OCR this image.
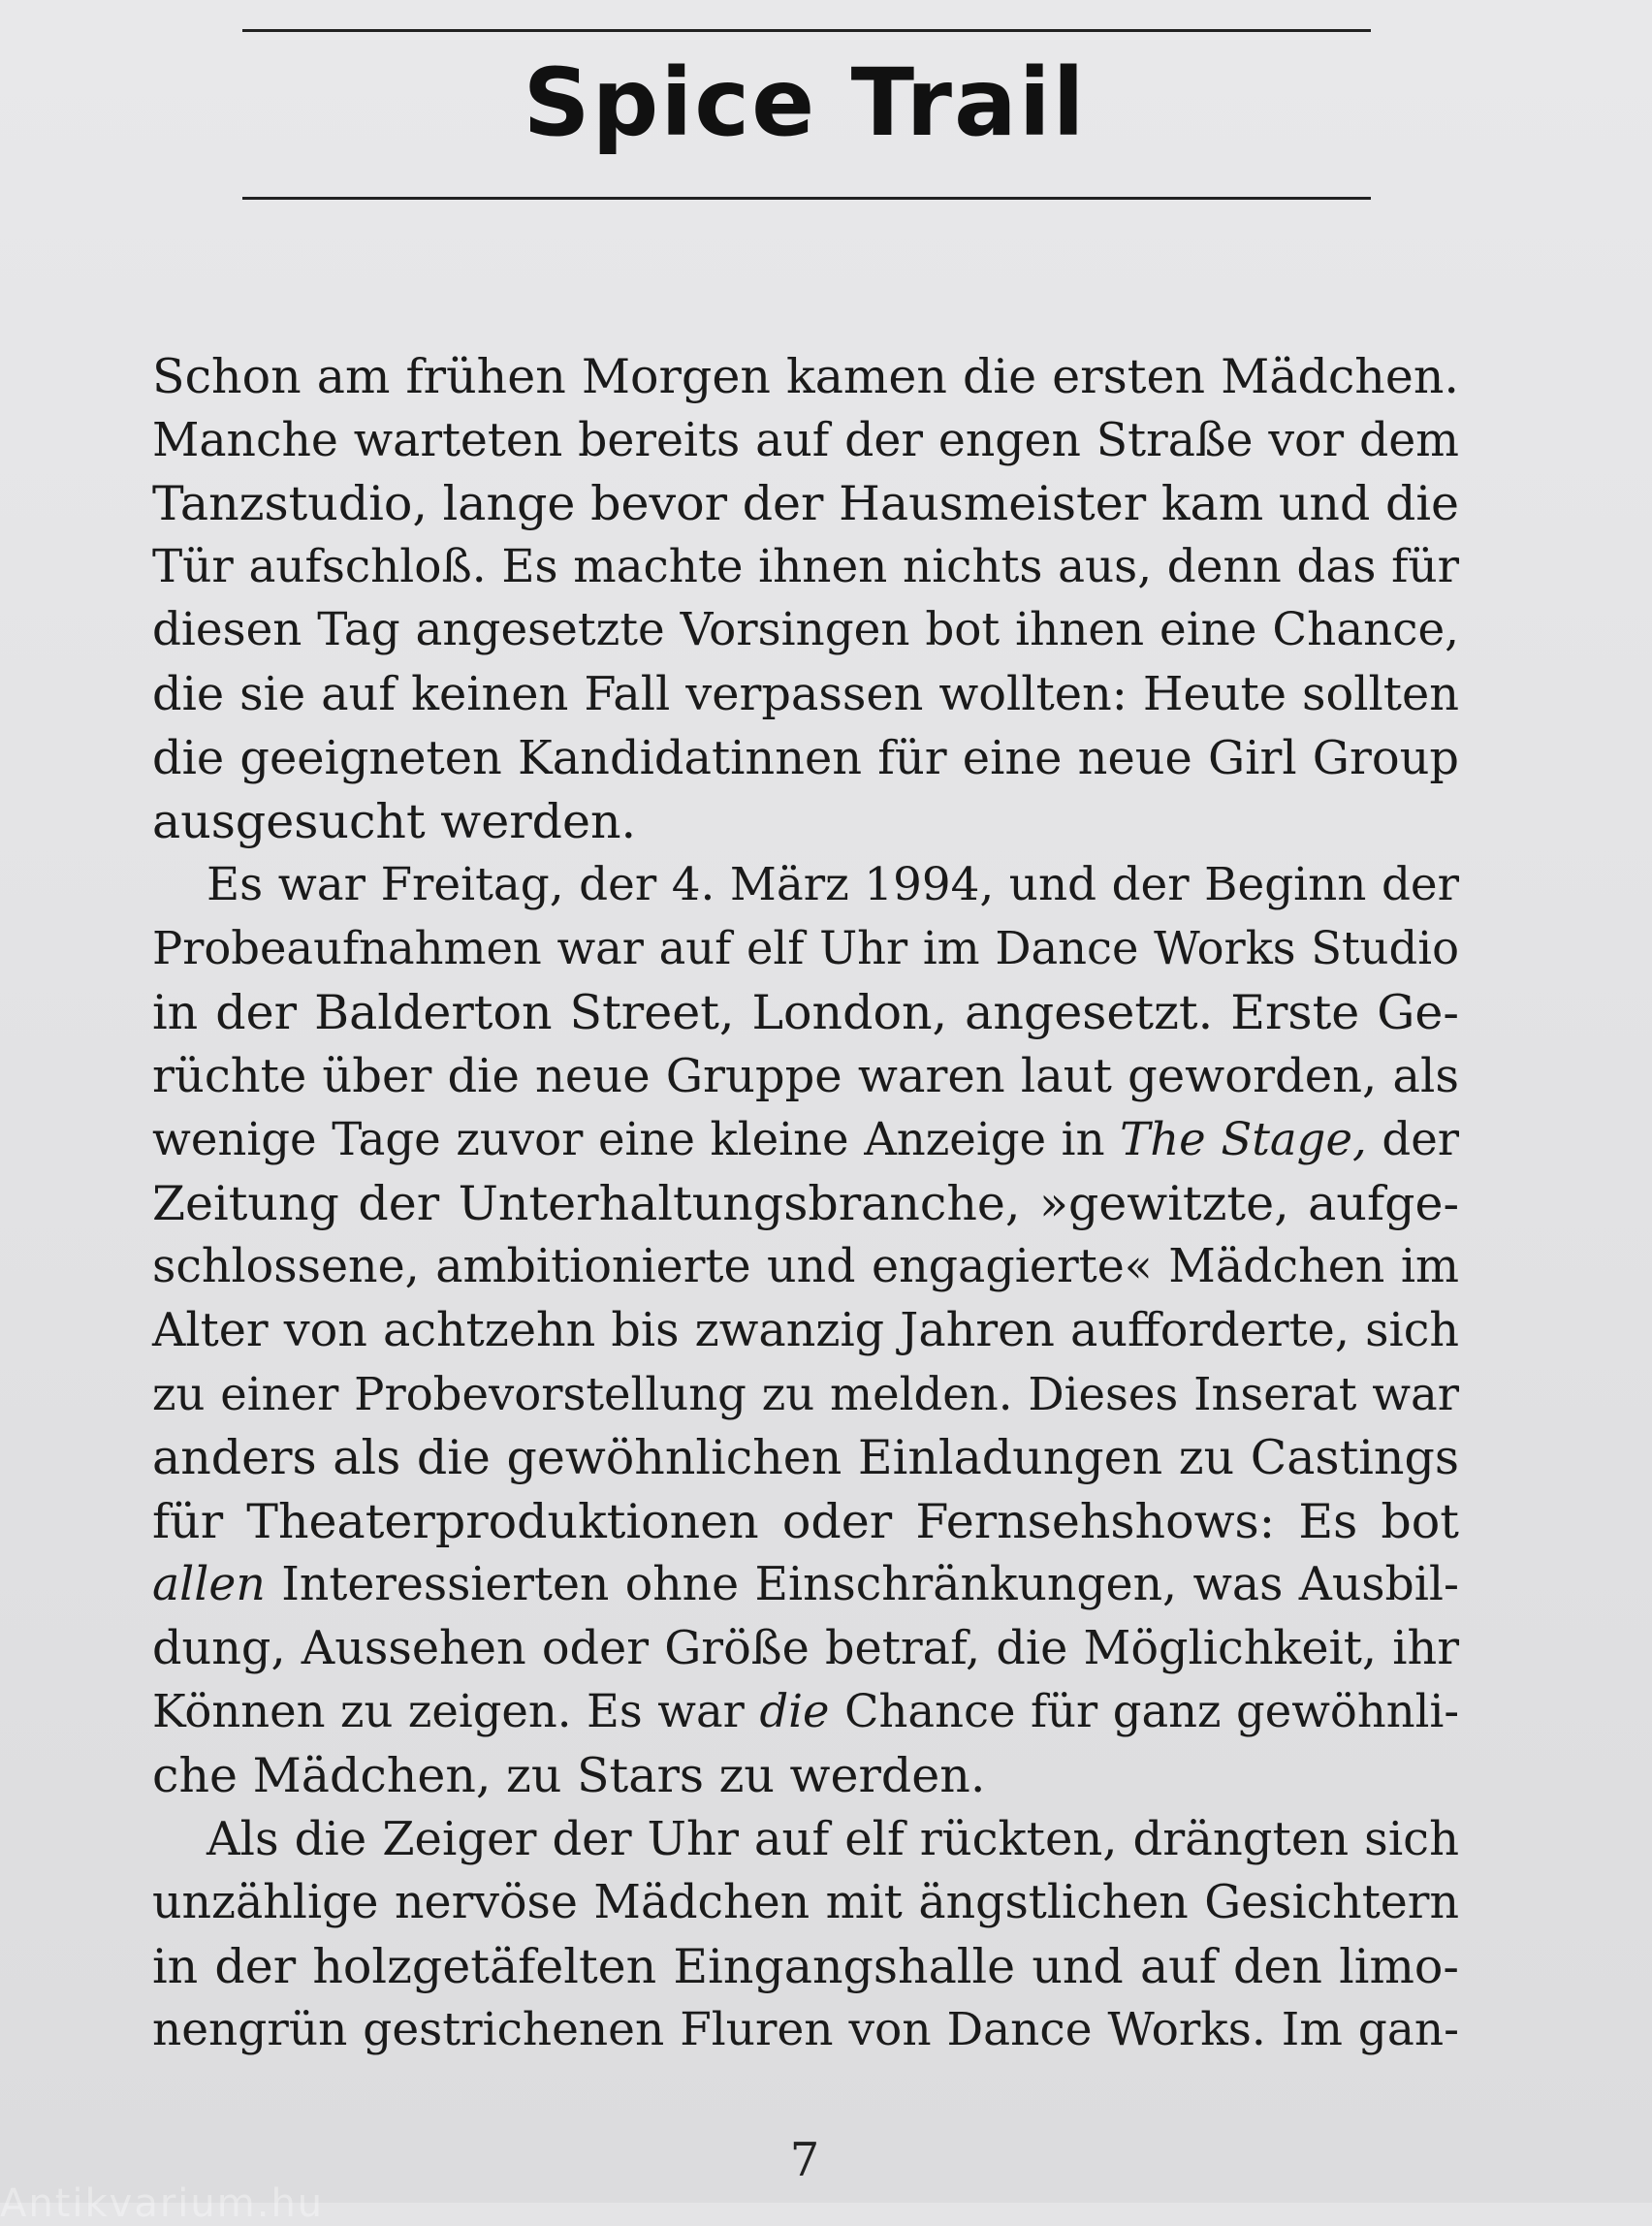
Spice Trail
Schon am frühen Morgen kamen die ersten Mädchen.
Manche warteten bereits auf der engen Straße vor dem
Tanzstudio, lange bevor der Hausmeister kam und die
Tür aufschloß. Es machte ihnen nichts aus, denn das für
diesen Tag angesetzte Vorsingen bot ihnen eine Chance,
die sie auf keinen Fall verpassen wollten: Heute sollten
die geeigneten Kandidatinnen für eine neue Girl Group
ausgesucht werden.
Es war Freitag, der 4. März 1994, und der Beginn der
Probeaufnahmen war auf elf Uhr im Dance Works Studio
in der Balderton Street, London, angesetzt. Erste Ge-
rüchte über die neue Gruppe waren laut geworden, als
wenige Tage zuvor eine kleine Anzeige in The Stage, der
Zeitung der Unterhaltungsbranche, »gewitzte, aufge-
schlossene, ambitionierte und engagierte« Mädchen im
Alter von achtzehn bis zwanzig Jahren aufforderte, sich
zu einer Probevorstellung zu melden. Dieses Inserat war
anders als die gewöhnlichen Einladungen zu Castings
für Theaterproduktionen oder Fernsehshows: Es bot
allen Interessierten ohne Einschränkungen, was Ausbil-
dung, Aussehen oder Größe betraf, die Möglichkeit, ihr
Können zu zeigen. Es war die Chance für ganz gewöhnli-
che Mädchen, zu Stars zu werden.
Als die Zeiger der Uhr auf elf rückten, drängten sich
unzählige nervöse Mädchen mit ängstlichen Gesichtern
in der holzgetäfelten Eingangshalle und auf den limo-
nengrün gestrichenen Fluren von Dance Works. Im gan-
7
Antikvarium.hu
